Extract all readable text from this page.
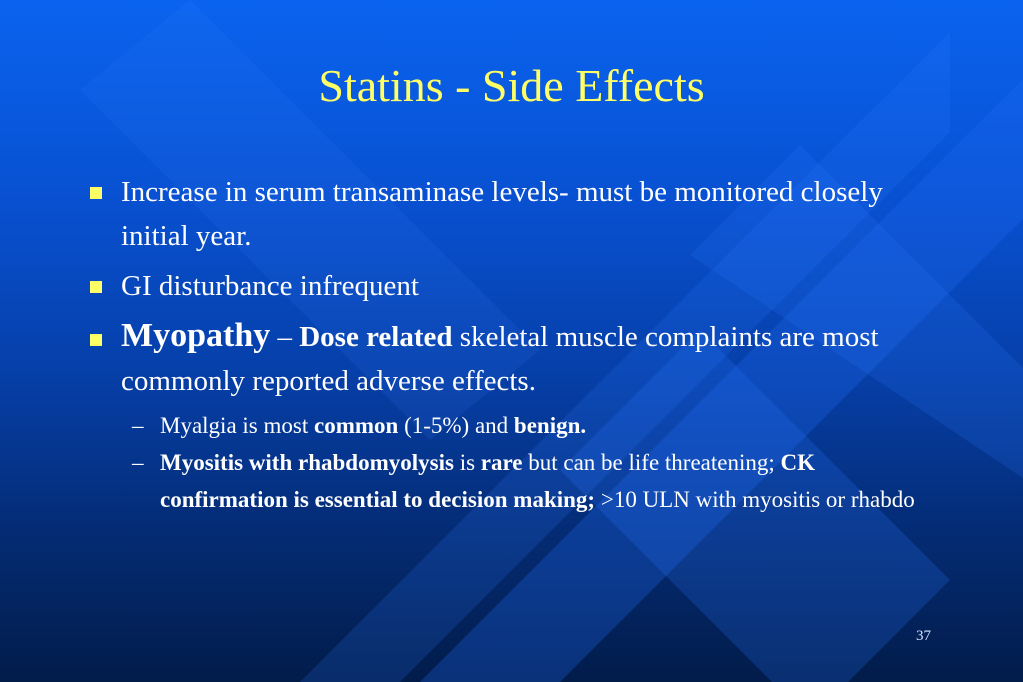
Statins - Side Effects

Increase in serum transaminase levels- must be monitored closely initial year.

GI disturbance infrequent

Myopathy – Dose related skeletal muscle complaints are most commonly reported adverse effects.

– Myalgia is most common (1-5%) and benign.

– Myositis with rhabdomyolysis is rare but can be life threatening; CK confirmation is essential to decision making; >10 ULN with myositis or rhabdo

37
